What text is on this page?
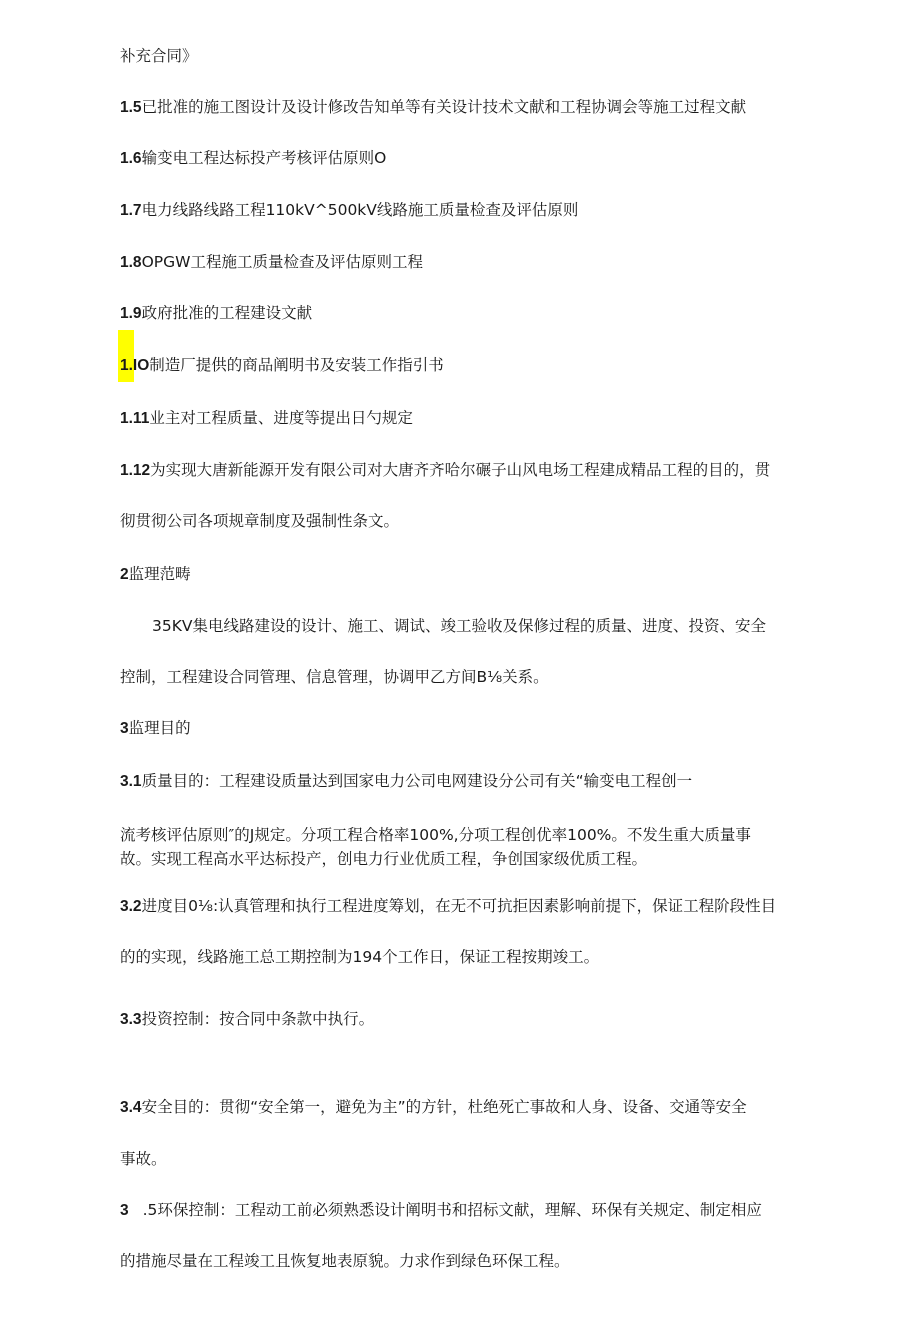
补充合同》

1.5已批准的施工图设计及设计修改告知单等有关设计技术文献和工程协调会等施工过程文献

1.6输变电工程达标投产考核评估原则O

1.7电力线路线路工程110kV^500kV线路施工质量检查及评估原则

1.8OPGW工程施工质量检查及评估原则工程

1.9政府批准的工程建设文献

1.IO制造厂提供的商品阐明书及安装工作指引书

1.11业主对工程质量、进度等提出日勺规定

1.12为实现大唐新能源开发有限公司对大唐齐齐哈尔碾子山风电场工程建成精品工程的目的，贯

彻贯彻公司各项规章制度及强制性条文。

2监理范畴

35KV集电线路建设的设计、施工、调试、竣工验收及保修过程的质量、进度、投资、安全

控制，工程建设合同管理、信息管理，协调甲乙方间B⅛关系。

3监理目的

3.1质量目的：工程建设质量达到国家电力公司电网建设分公司有关“输变电工程创一

流考核评估原则″的J规定。分项工程合格率100%,分项工程创优率100%。不发生重大质量事

故。实现工程高水平达标投产，创电力行业优质工程，争创国家级优质工程。

3.2进度目0⅛:认真管理和执行工程进度筹划，在无不可抗拒因素影响前提下，保证工程阶段性目

的的实现，线路施工总工期控制为194个工作日，保证工程按期竣工。

3.3投资控制：按合同中条款中执行。

3.4安全目的：贯彻“安全第一，避免为主”的方针，杜绝死亡事故和人身、设备、交通等安全

事故。

3 .5环保控制：工程动工前必须熟悉设计阐明书和招标文献，理解、环保有关规定、制定相应

的措施尽量在工程竣工且恢复地表原貌。力求作到绿色环保工程。
